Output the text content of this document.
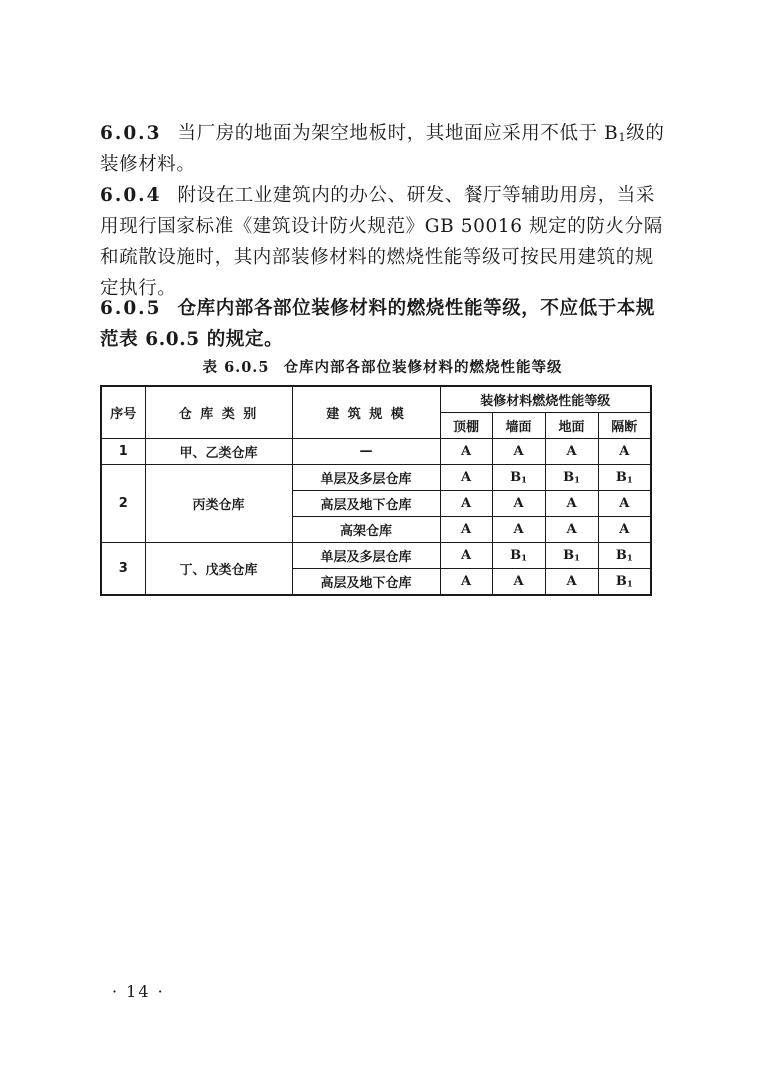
6.0.3 当厂房的地面为架空地板时，其地面应采用不低于 $B_1$级的装修材料。

6.0.4 附设在工业建筑内的办公、研发、餐厅等辅助用房，当采用现行国家标准《建筑设计防火规范》GB 50016 规定的防火分隔和疏散设施时，其内部装修材料的燃烧性能等级可按民用建筑的规定执行。

6.0.5 仓库内部各部位装修材料的燃烧性能等级，不应低于本规范表 6.0.5 的规定。

表 6.0.5 仓库内部各部位装修材料的燃烧性能等级
序号	仓 库 类 别	建 筑 规 模	装修材料燃烧性能等级			
			顶棚	墙面	地面	隔断
1	甲、乙类仓库	—	A	A	A	A
2	丙类仓库	单层及多层仓库	A	$B_1$	$B_1$	$B_1$
		高层及地下仓库	A	A	A	A
		高架仓库	A	A	A	A
3	丁、戊类仓库	单层及多层仓库	A	$B_1$	$B_1$	$B_1$
		高层及地下仓库	A	A	A	$B_1$
· 14 ·
